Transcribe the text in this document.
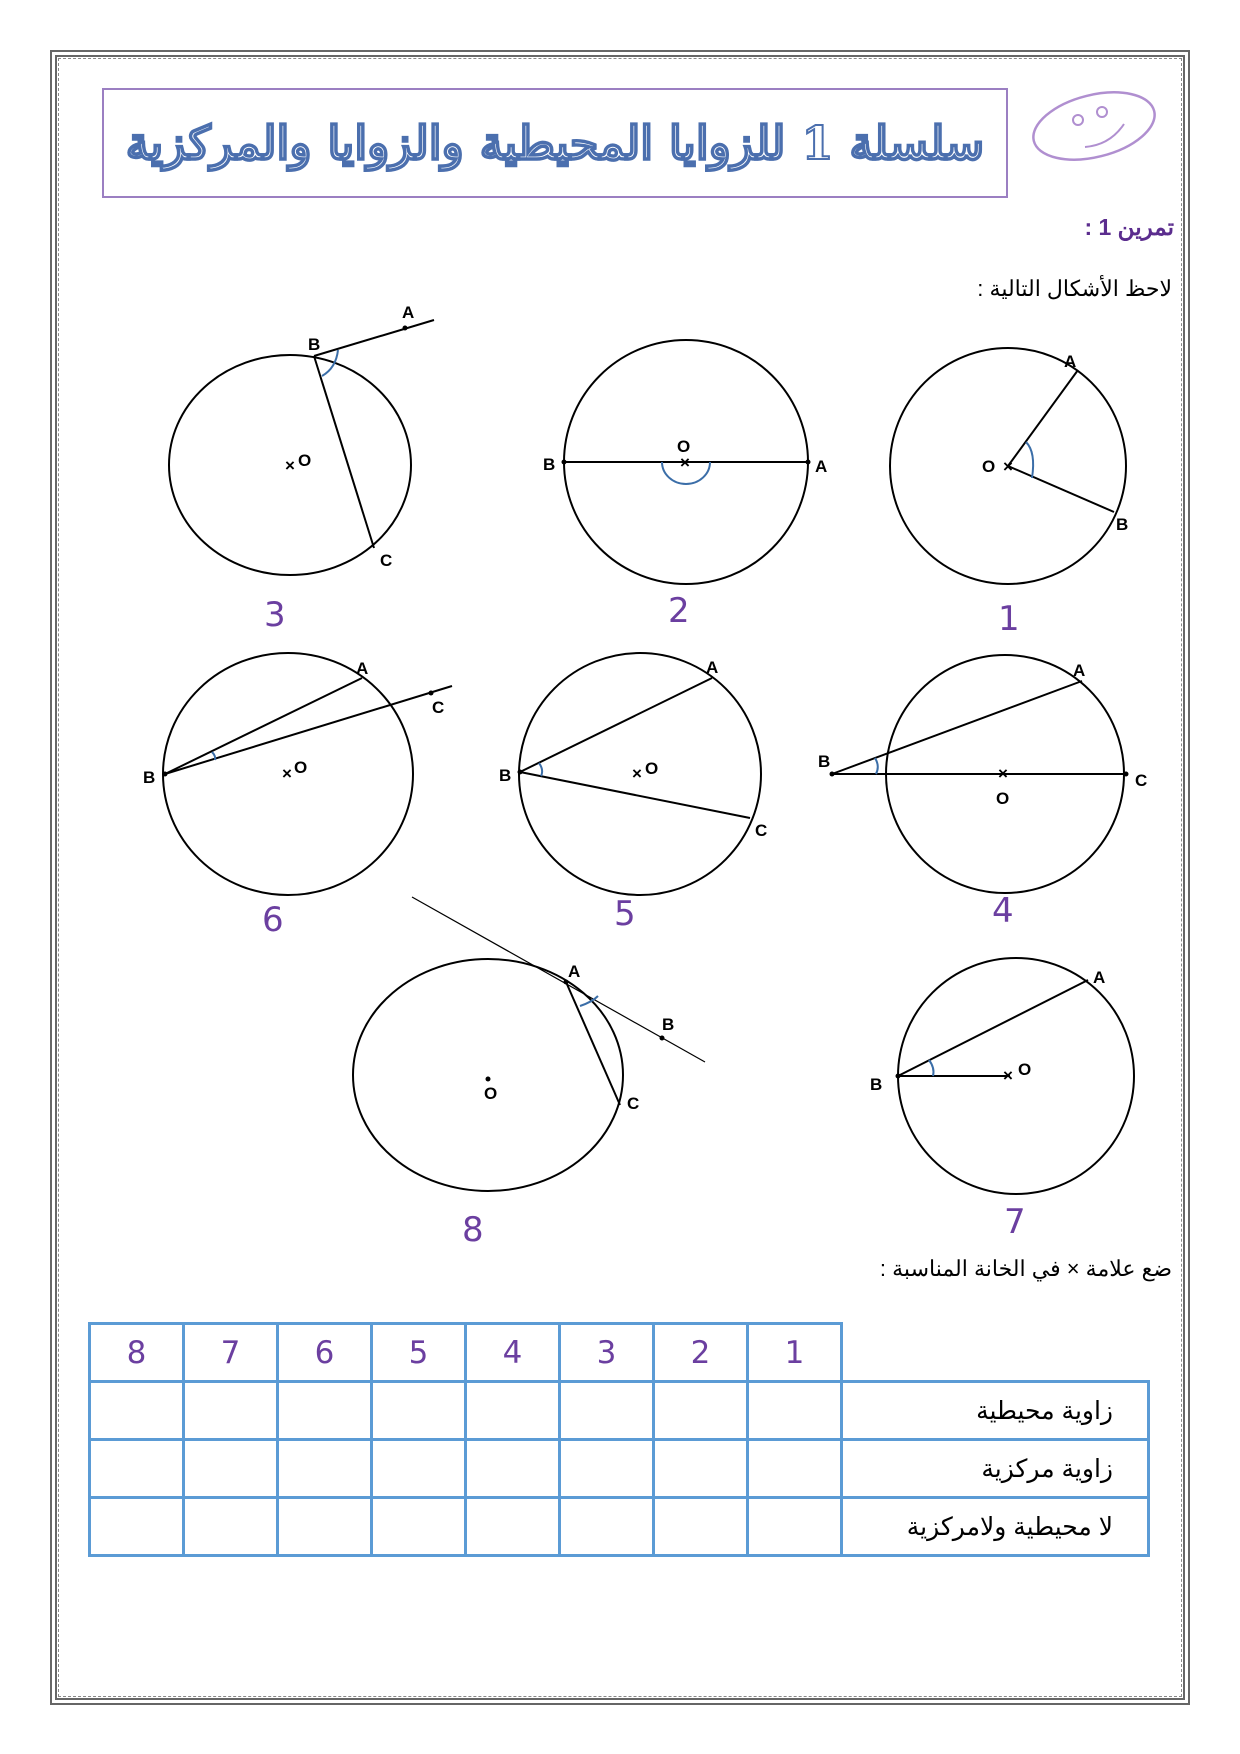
سلسلة 1 للزوايا المحيطية والزوايا والمركزية
A
B
O ×
1
O
×
B	A
2
A
B
C
× O
3
×
O
B
C
A
4
B
A
C
× O
5
B
A
C
× O
6
× O
B
A
7
A
B
C
O
8
تمرين 1 :
لاحظ الأشكال التالية :
ضع علامة × في الخانة المناسبة :
8	7	6	5	4	3	2	1	
								زاوية محيطية
								زاوية مركزية
								لا محيطية ولامركزية
